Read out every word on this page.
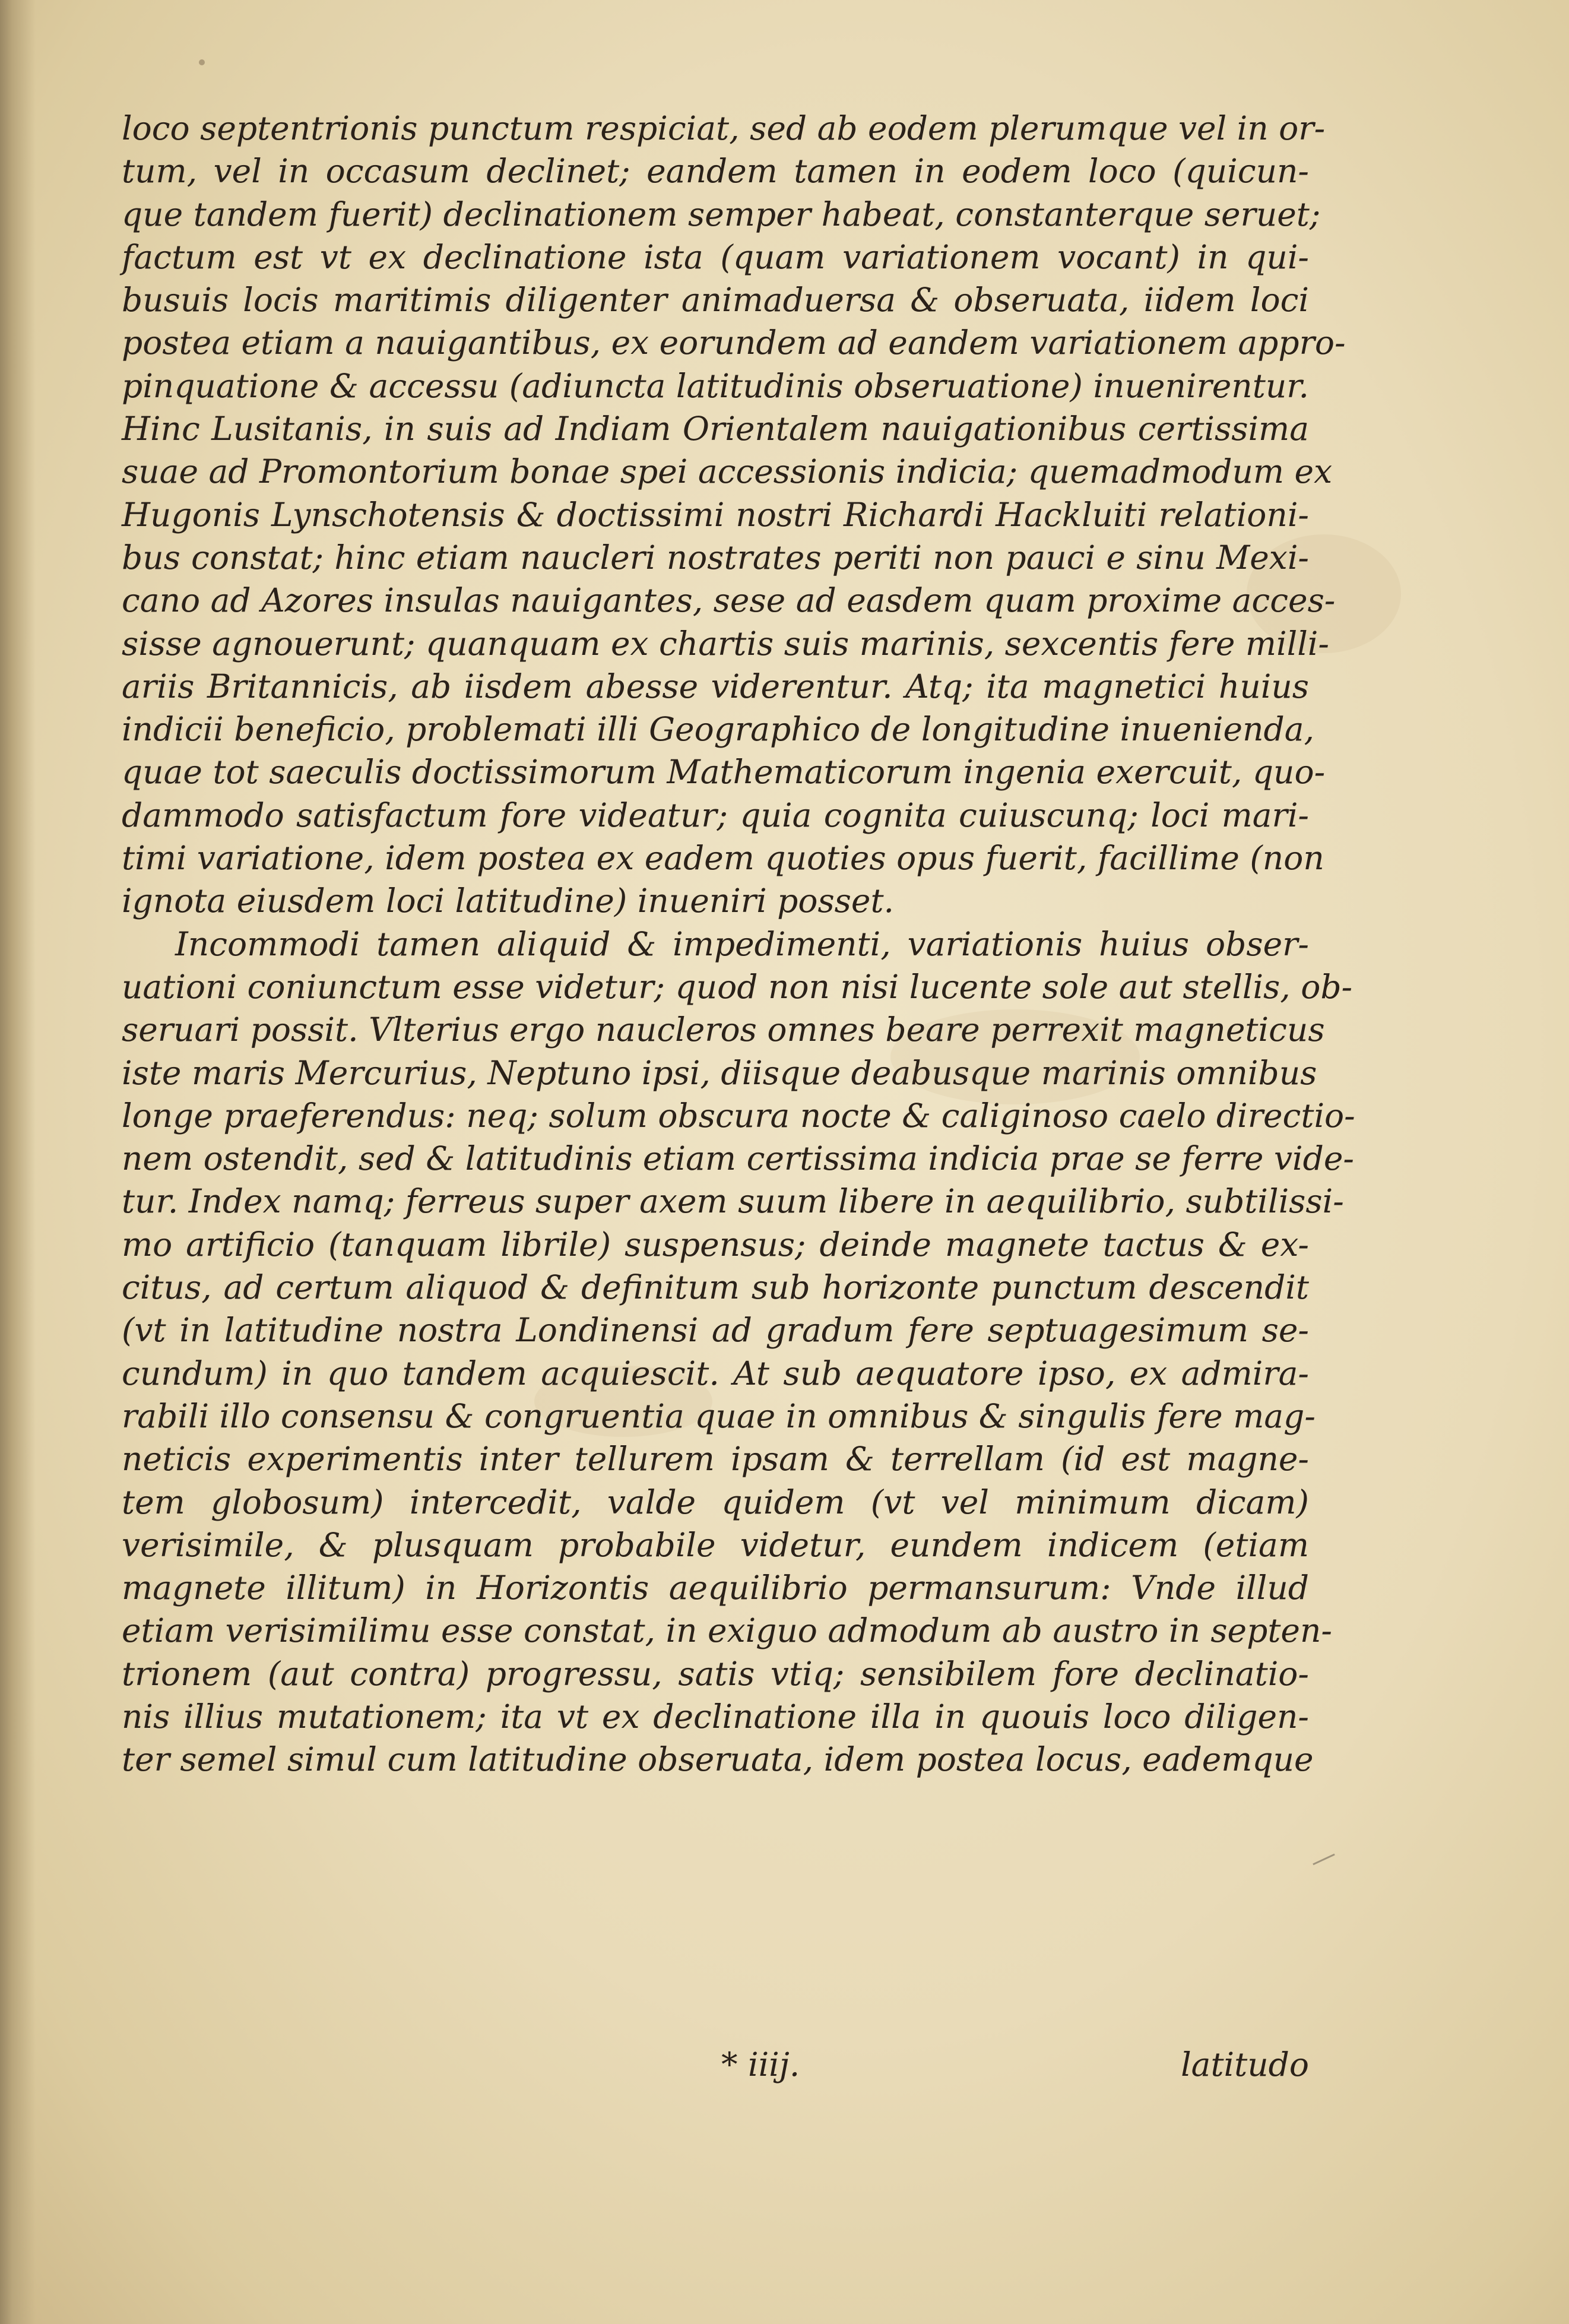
loco septentrionis punctum respiciat, sed ab eodem plerumque vel in or-
tum, vel in occasum declinet; eandem tamen in eodem loco (quicun-
que tandem fuerit) declinationem semper habeat, constanterque seruet;
factum est vt ex declinatione ista (quam variationem vocant) in qui-
busuis locis maritimis diligenter animaduersa & obseruata, iidem loci
postea etiam a nauigantibus, ex eorundem ad eandem variationem appro-
pinquatione & accessu (adiuncta latitudinis obseruatione) inuenirentur.
Hinc Lusitanis, in suis ad Indiam Orientalem nauigationibus certissima
suae ad Promontorium bonae spei accessionis indicia; quemadmodum ex
Hugonis Lynschotensis & doctissimi nostri Richardi Hackluiti relationi-
bus constat; hinc etiam naucleri nostrates periti non pauci e sinu Mexi-
cano ad Azores insulas nauigantes, sese ad easdem quam proxime acces-
sisse agnouerunt; quanquam ex chartis suis marinis, sexcentis fere milli-
ariis Britannicis, ab iisdem abesse viderentur. Atq; ita magnetici huius
indicii beneficio, problemati illi Geographico de longitudine inuenienda,
quae tot saeculis doctissimorum Mathematicorum ingenia exercuit, quo-
dammodo satisfactum fore videatur; quia cognita cuiuscunq; loci mari-
timi variatione, idem postea ex eadem quoties opus fuerit, facillime (non
ignota eiusdem loci latitudine) inueniri posset.
Incommodi tamen aliquid & impedimenti, variationis huius obser-
uationi coniunctum esse videtur; quod non nisi lucente sole aut stellis, ob-
seruari possit. Vlterius ergo naucleros omnes beare perrexit magneticus
iste maris Mercurius, Neptuno ipsi, diisque deabusque marinis omnibus
longe praeferendus: neq; solum obscura nocte & caliginoso caelo directio-
nem ostendit, sed & latitudinis etiam certissima indicia prae se ferre vide-
tur. Index namq; ferreus super axem suum libere in aequilibrio, subtilissi-
mo artificio (tanquam librile) suspensus; deinde magnete tactus & ex-
citus, ad certum aliquod & definitum sub horizonte punctum descendit
(vt in latitudine nostra Londinensi ad gradum fere septuagesimum se-
cundum) in quo tandem acquiescit. At sub aequatore ipso, ex admira-
rabili illo consensu & congruentia quae in omnibus & singulis fere mag-
neticis experimentis inter tellurem ipsam & terrellam (id est magne-
tem globosum) intercedit, valde quidem (vt vel minimum dicam)
verisimile, & plusquam probabile videtur, eundem indicem (etiam
magnete illitum) in Horizontis aequilibrio permansurum: Vnde illud
etiam verisimilimu esse constat, in exiguo admodum ab austro in septen-
trionem (aut contra) progressu, satis vtiq; sensibilem fore declinatio-
nis illius mutationem; ita vt ex declinatione illa in quouis loco diligen-
ter semel simul cum latitudine obseruata, idem postea locus, eademque
* iiij.	latitudo
